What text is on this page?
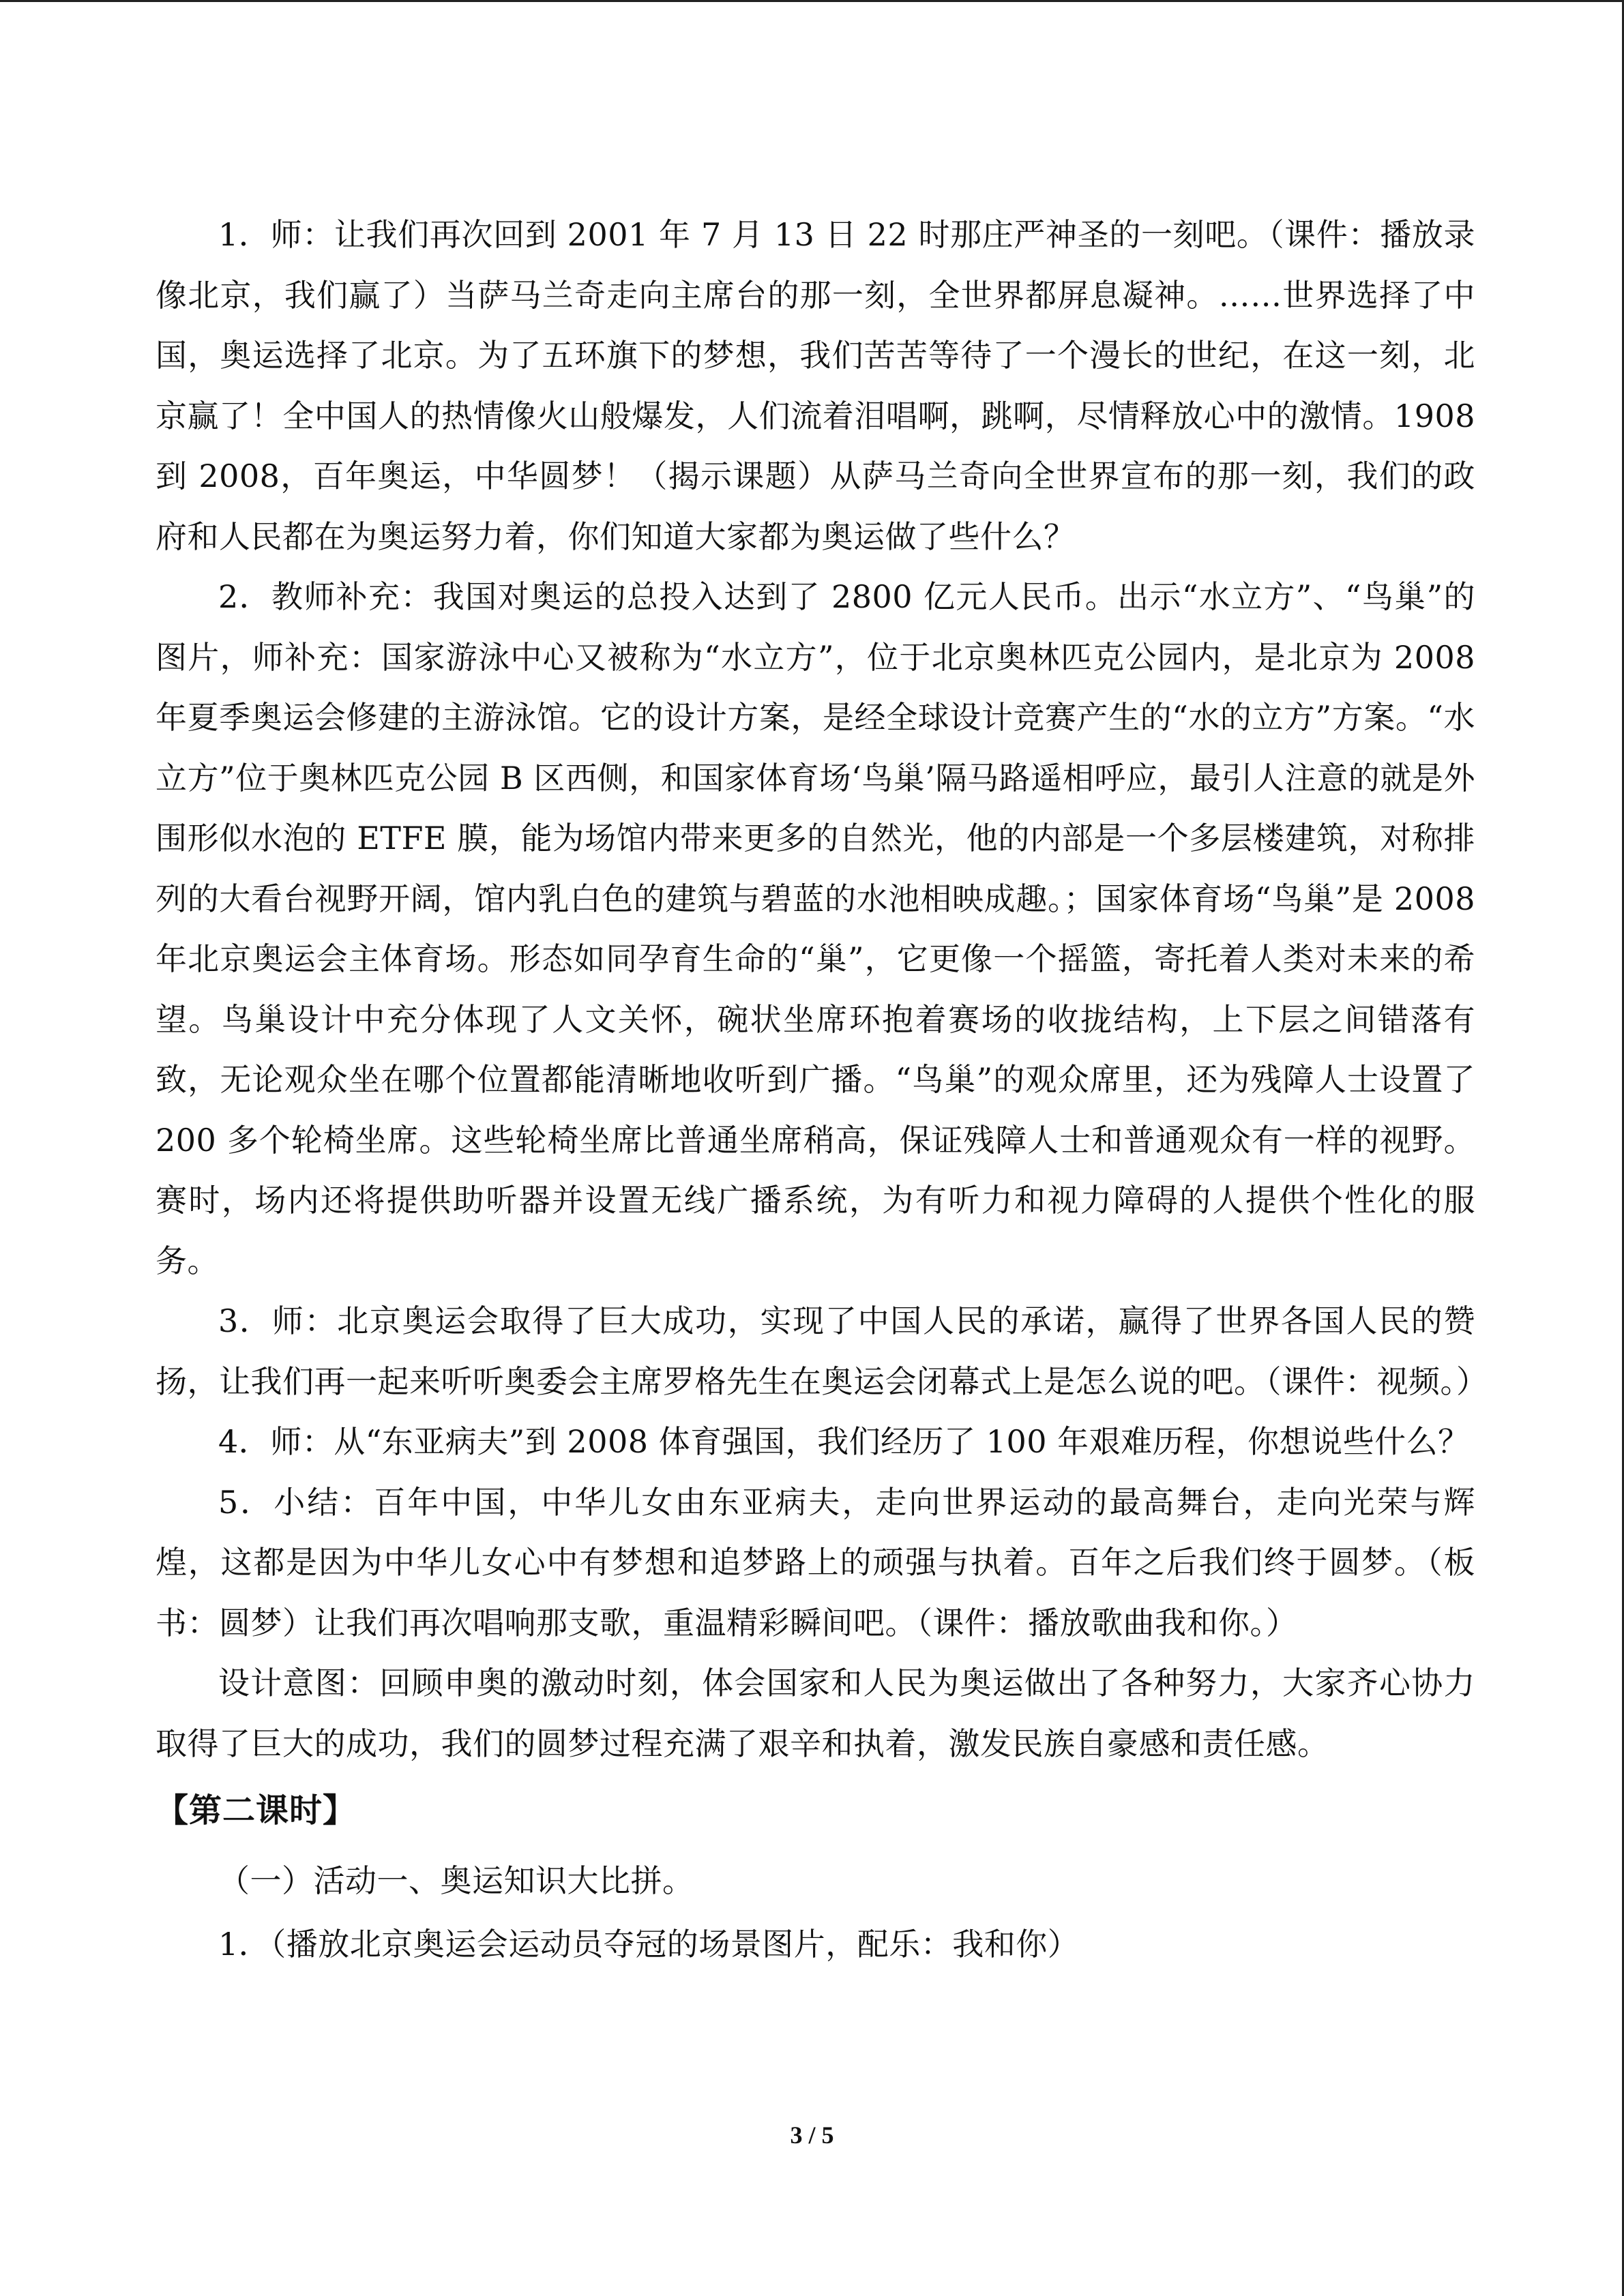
1．师：让我们再次回到 2001 年 7 月 13 日 22 时那庄严神圣的一刻吧。（课件：播放录像北京，我们赢了）当萨马兰奇走向主席台的那一刻，全世界都屏息凝神。……世界选择了中国，奥运选择了北京。为了五环旗下的梦想，我们苦苦等待了一个漫长的世纪，在这一刻，北京赢了！全中国人的热情像火山般爆发，人们流着泪唱啊，跳啊，尽情释放心中的激情。1908 到 2008，百年奥运，中华圆梦！（揭示课题）从萨马兰奇向全世界宣布的那一刻，我们的政府和人民都在为奥运努力着，你们知道大家都为奥运做了些什么？

2．教师补充：我国对奥运的总投入达到了 2800 亿元人民币。出示“水立方”、“鸟巢”的图片，师补充：国家游泳中心又被称为“水立方”，位于北京奥林匹克公园内，是北京为 2008 年夏季奥运会修建的主游泳馆。它的设计方案，是经全球设计竞赛产生的“水的立方”方案。“水立方”位于奥林匹克公园 B 区西侧，和国家体育场‘鸟巢’隔马路遥相呼应，最引人注意的就是外围形似水泡的 ETFE 膜，能为场馆内带来更多的自然光，他的内部是一个多层楼建筑，对称排列的大看台视野开阔，馆内乳白色的建筑与碧蓝的水池相映成趣。；国家体育场“鸟巢”是 2008 年北京奥运会主体育场。形态如同孕育生命的“巢”，它更像一个摇篮，寄托着人类对未来的希望。鸟巢设计中充分体现了人文关怀，碗状坐席环抱着赛场的收拢结构，上下层之间错落有致，无论观众坐在哪个位置都能清晰地收听到广播。“鸟巢”的观众席里，还为残障人士设置了 200 多个轮椅坐席。这些轮椅坐席比普通坐席稍高，保证残障人士和普通观众有一样的视野。赛时，场内还将提供助听器并设置无线广播系统，为有听力和视力障碍的人提供个性化的服务。

3．师：北京奥运会取得了巨大成功，实现了中国人民的承诺，赢得了世界各国人民的赞扬，让我们再一起来听听奥委会主席罗格先生在奥运会闭幕式上是怎么说的吧。（课件：视频。）

4．师：从“东亚病夫”到 2008 体育强国，我们经历了 100 年艰难历程，你想说些什么？

5．小结：百年中国，中华儿女由东亚病夫，走向世界运动的最高舞台，走向光荣与辉煌，这都是因为中华儿女心中有梦想和追梦路上的顽强与执着。百年之后我们终于圆梦。（板书：圆梦）让我们再次唱响那支歌，重温精彩瞬间吧。（课件：播放歌曲我和你。）

设计意图：回顾申奥的激动时刻，体会国家和人民为奥运做出了各种努力，大家齐心协力取得了巨大的成功，我们的圆梦过程充满了艰辛和执着，激发民族自豪感和责任感。

【第二课时】

（一）活动一、奥运知识大比拼。

1．（播放北京奥运会运动员夺冠的场景图片，配乐：我和你）

3 / 5
